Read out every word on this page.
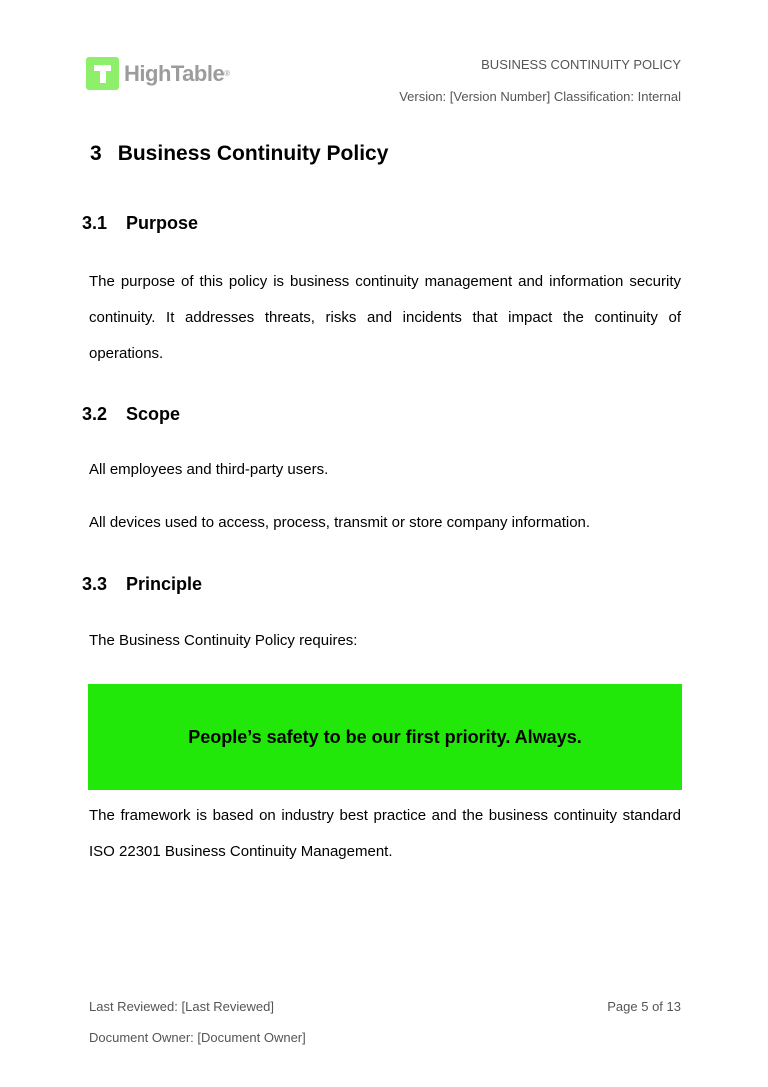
HighTable ®
BUSINESS CONTINUITY POLICY
Version: [Version Number] Classification: Internal
3 Business Continuity Policy
3.1 Purpose
The purpose of this policy is business continuity management and information security continuity. It addresses threats, risks and incidents that impact the continuity of operations.
3.2 Scope
All employees and third-party users.
All devices used to access, process, transmit or store company information.
3.3 Principle
The Business Continuity Policy requires:
People’s safety to be our first priority. Always.
The framework is based on industry best practice and the business continuity standard ISO 22301 Business Continuity Management.
Last Reviewed: [Last Reviewed]	Page 5 of 13
Document Owner: [Document Owner]
